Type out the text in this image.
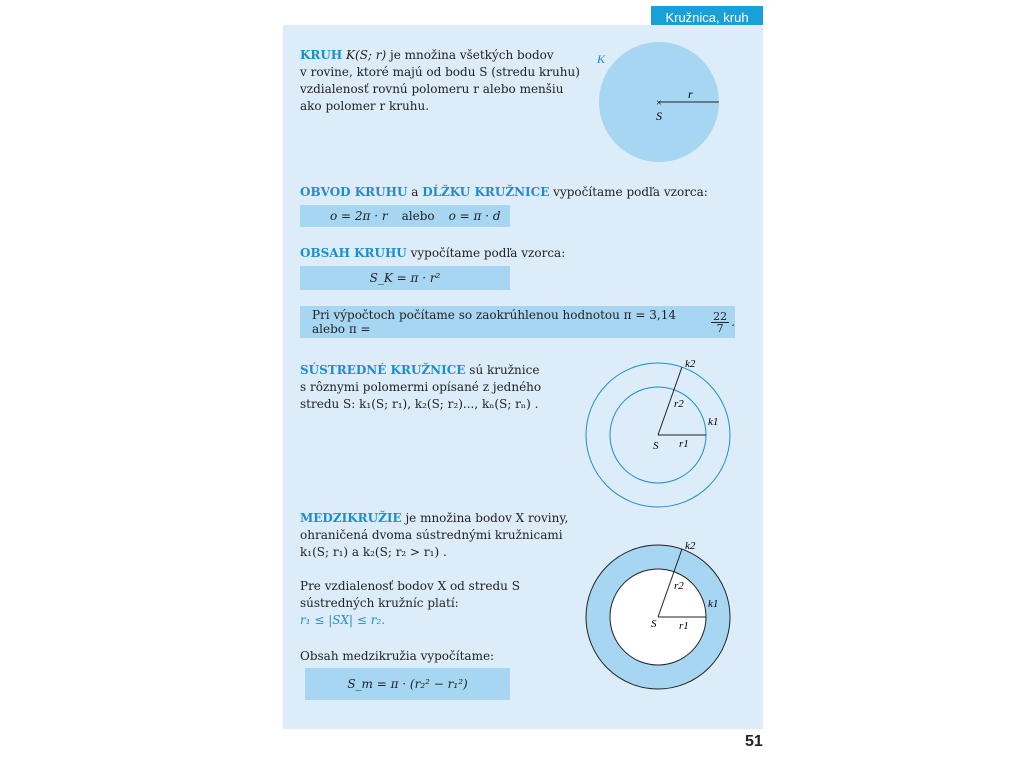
Kružnica, kruh
KRUH K(S; r) je množina všetkých bodov
v rovine, ktoré majú od bodu S (stredu kruhu)
vzdialenosť rovnú polomeru r alebo menšiu
ako polomer r kruhu.	×
K
S
r
OBVOD KRUHU a DĹŽKU KRUŽNICE vypočítame podľa vzorca:
o = 2π · r alebo o = π · d
OBSAH KRUHU vypočítame podľa vzorca:
S_K = π · r²
Pri výpočtoch počítame so zaokrúhlenou hodnotou π = 3,14 alebo π =	$\frac{22}{7}$ .
SÚSTREDNÉ KRUŽNICE sú kružnice
s rôznymi polomermi opísané z jedného
stredu S: k₁(S; r₁), k₂(S; r₂)..., kₙ(S; rₙ) .
k2
k1
r2
r1
S
MEDZIKRUŽIE je množina bodov X roviny,
ohraničená dvoma sústrednými kružnicami
k₁(S; r₁) a k₂(S; r₂ > r₁) .
Pre vzdialenosť bodov X od stredu S
sústredných kružníc platí:
r₁ ≤ |SX| ≤ r₂.
Obsah medzikružia vypočítame:
S_m = π · (r₂² − r₁²)
k2
k1
r2
r1
S
51
